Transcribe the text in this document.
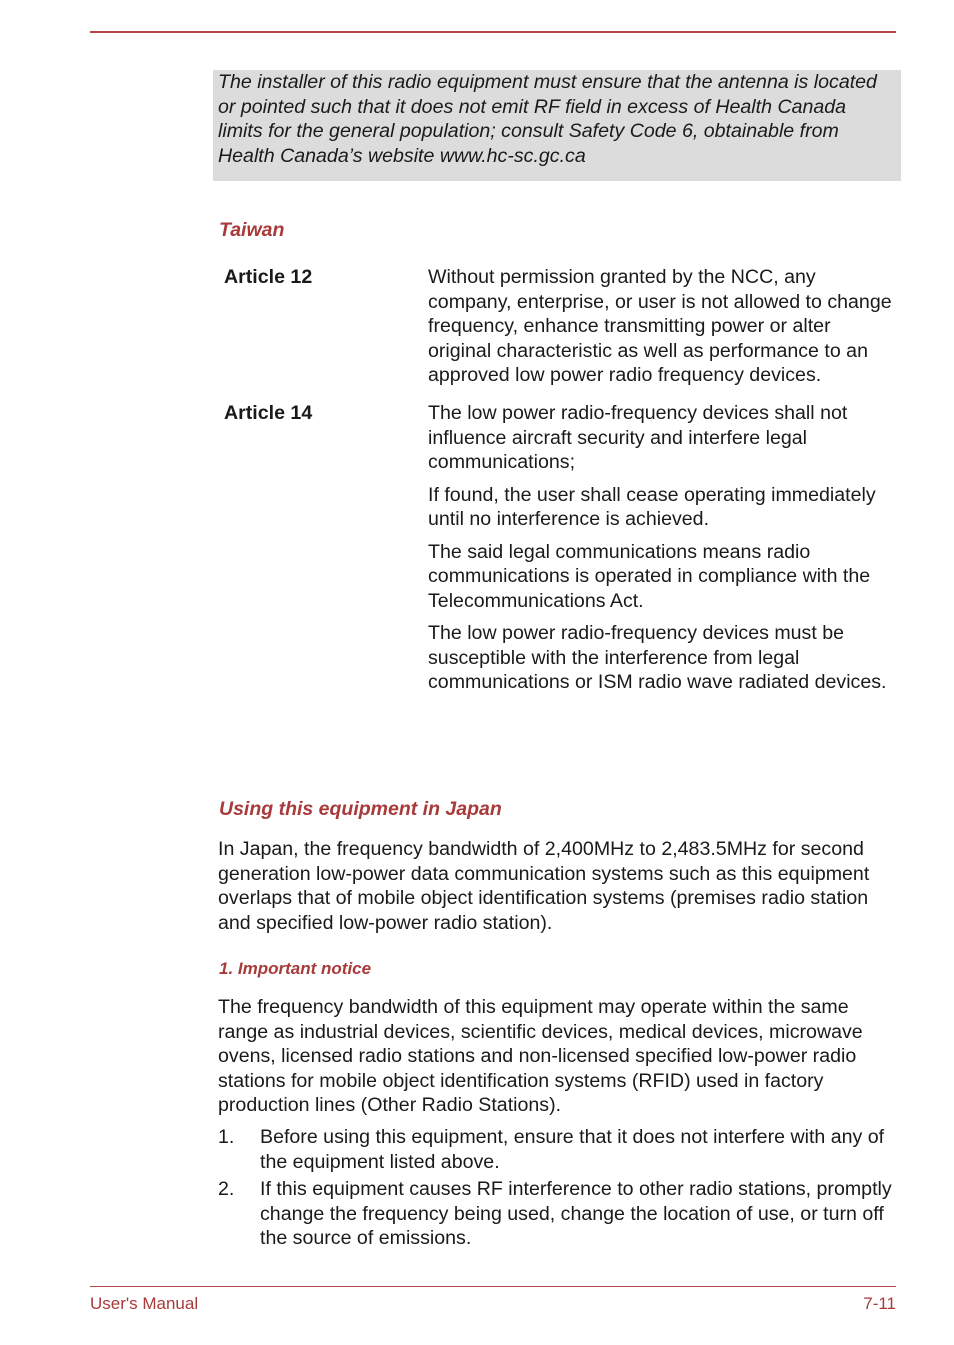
The installer of this radio equipment must ensure that the antenna is located or pointed such that it does not emit RF field in excess of Health Canada limits for the general population; consult Safety Code 6, obtainable from Health Canada’s website www.hc-sc.gc.ca

Taiwan
Article 12	Without permission granted by the NCC, any company, enterprise, or user is not allowed to change frequency, enhance transmitting power or alter original characteristic as well as performance to an approved low power radio frequency devices.

Article 14	The low power radio-frequency devices shall not influence aircraft security and interfere legal communications;

If found, the user shall cease operating immediately until no interference is achieved.

The said legal communications means radio communications is operated in compliance with the Telecommunications Act.

The low power radio-frequency devices must be susceptible with the interference from legal communications or ISM radio wave radiated devices.

Using this equipment in Japan

In Japan, the frequency bandwidth of 2,400MHz to 2,483.5MHz for second generation low-power data communication systems such as this equipment overlaps that of mobile object identification systems (premises radio station and specified low-power radio station).

1. Important notice

The frequency bandwidth of this equipment may operate within the same range as industrial devices, scientific devices, medical devices, microwave ovens, licensed radio stations and non-licensed specified low-power radio stations for mobile object identification systems (RFID) used in factory production lines (Other Radio Stations).

1. Before using this equipment, ensure that it does not interfere with any of the equipment listed above.
2. If this equipment causes RF interference to other radio stations, promptly change the frequency being used, change the location of use, or turn off the source of emissions.
User's Manual	7-11
